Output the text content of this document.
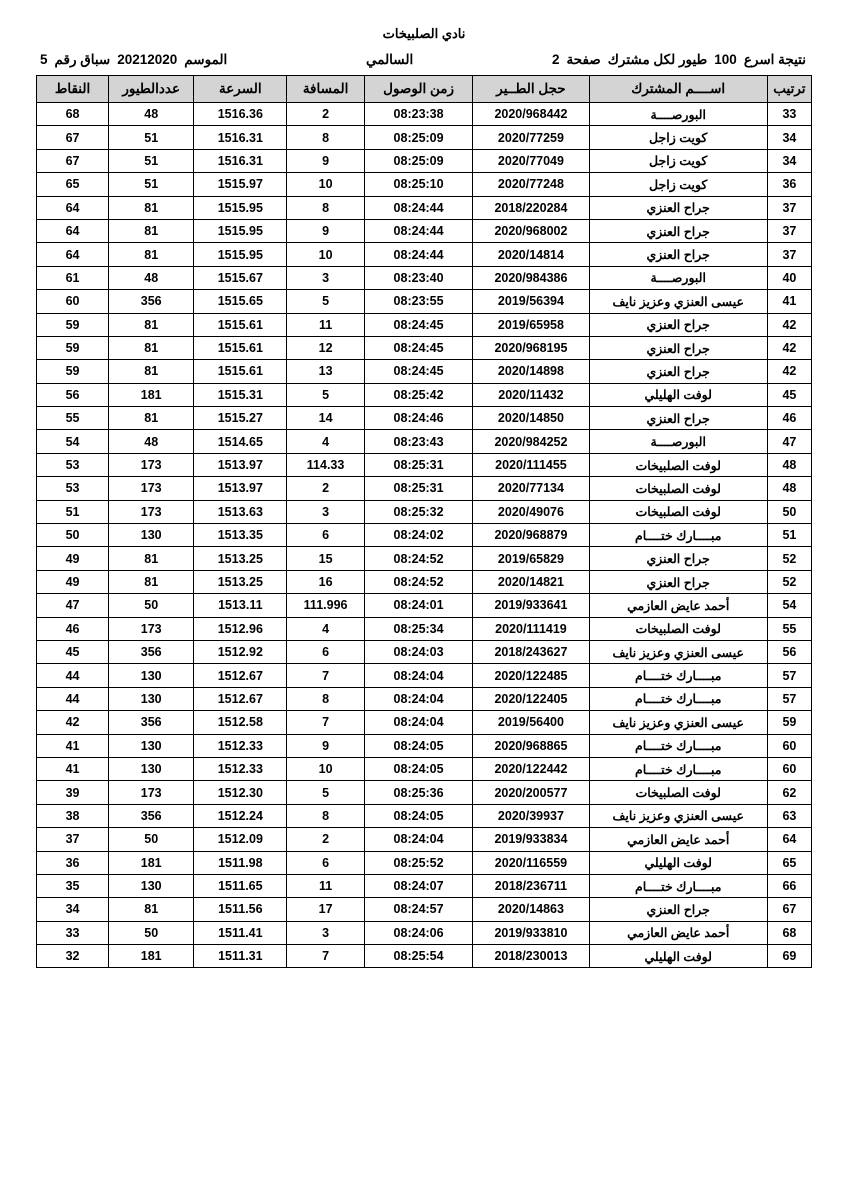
نادي الصلبيخات
الموسم20212020سباق رقم5	السالمي	نتيجة اسرع100طيور لكل مشتركصفحة2
ترتيب	اســــم المشترك	حجل الطــير	زمن الوصول	المسافة	السرعة	عددالطيور	النقاط
33	البورصــــة	2020/968442	08:23:38	2	1516.36	48	68
34	كويت زاجل	2020/77259	08:25:09	8	1516.31	51	67
34	كويت زاجل	2020/77049	08:25:09	9	1516.31	51	67
36	كويت زاجل	2020/77248	08:25:10	10	1515.97	51	65
37	جراح العنزي	2018/220284	08:24:44	8	1515.95	81	64
37	جراح العنزي	2020/968002	08:24:44	9	1515.95	81	64
37	جراح العنزي	2020/14814	08:24:44	10	1515.95	81	64
40	البورصــــة	2020/984386	08:23:40	3	1515.67	48	61
41	عيسى العنزي وعزيز نايف	2019/56394	08:23:55	5	1515.65	356	60
42	جراح العنزي	2019/65958	08:24:45	11	1515.61	81	59
42	جراح العنزي	2020/968195	08:24:45	12	1515.61	81	59
42	جراح العنزي	2020/14898	08:24:45	13	1515.61	81	59
45	لوفت الهليلي	2020/11432	08:25:42	5	1515.31	181	56
46	جراح العنزي	2020/14850	08:24:46	14	1515.27	81	55
47	البورصــــة	2020/984252	08:23:43	4	1514.65	48	54
48	لوفت الصلبيخات	2020/111455	08:25:31	114.33	1513.97	173	53
48	لوفت الصلبيخات	2020/77134	08:25:31	2	1513.97	173	53
50	لوفت الصلبيخات	2020/49076	08:25:32	3	1513.63	173	51
51	مبــــارك ختــــام	2020/968879	08:24:02	6	1513.35	130	50
52	جراح العنزي	2019/65829	08:24:52	15	1513.25	81	49
52	جراح العنزي	2020/14821	08:24:52	16	1513.25	81	49
54	أحمد عايض العازمي	2019/933641	08:24:01	111.996	1513.11	50	47
55	لوفت الصلبيخات	2020/111419	08:25:34	4	1512.96	173	46
56	عيسى العنزي وعزيز نايف	2018/243627	08:24:03	6	1512.92	356	45
57	مبــــارك ختــــام	2020/122485	08:24:04	7	1512.67	130	44
57	مبــــارك ختــــام	2020/122405	08:24:04	8	1512.67	130	44
59	عيسى العنزي وعزيز نايف	2019/56400	08:24:04	7	1512.58	356	42
60	مبــــارك ختــــام	2020/968865	08:24:05	9	1512.33	130	41
60	مبــــارك ختــــام	2020/122442	08:24:05	10	1512.33	130	41
62	لوفت الصلبيخات	2020/200577	08:25:36	5	1512.30	173	39
63	عيسى العنزي وعزيز نايف	2020/39937	08:24:05	8	1512.24	356	38
64	أحمد عايض العازمي	2019/933834	08:24:04	2	1512.09	50	37
65	لوفت الهليلي	2020/116559	08:25:52	6	1511.98	181	36
66	مبــــارك ختــــام	2018/236711	08:24:07	11	1511.65	130	35
67	جراح العنزي	2020/14863	08:24:57	17	1511.56	81	34
68	أحمد عايض العازمي	2019/933810	08:24:06	3	1511.41	50	33
69	لوفت الهليلي	2018/230013	08:25:54	7	1511.31	181	32
